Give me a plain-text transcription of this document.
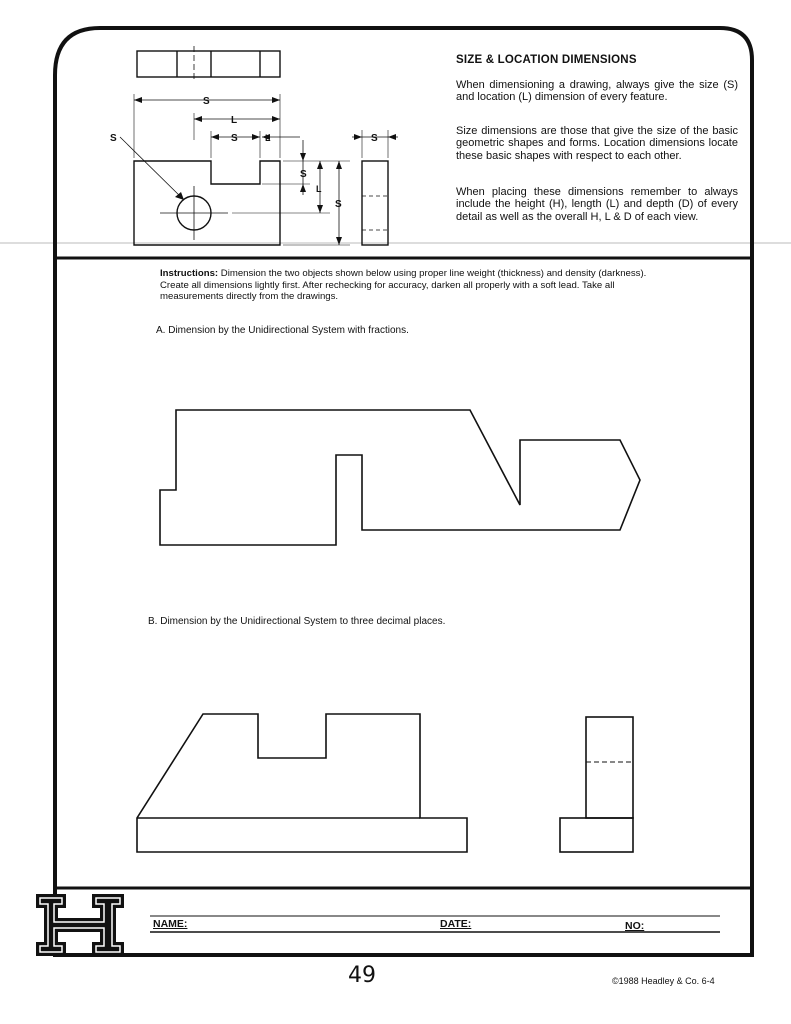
S
L
S	L
S	S
S
L
S

SIZE & LOCATION DIMENSIONS

When dimensioning a drawing, always give the size (S) and location (L) dimension of every feature.

Size dimensions are those that give the size of the basic geometric shapes and forms. Location dimensions locate these basic shapes with respect to each other.

When placing these dimensions remember to always include the height (H), length (L) and depth (D) of every detail as well as the overall H, L & D of each view.

Instructions: Dimension the two objects shown below using proper line weight (thickness) and density (darkness). Create all dimensions lightly first. After rechecking for accuracy, darken all properly with a soft lead. Take all measurements directly from the drawings.

A. Dimension by the Unidirectional System with fractions.

B. Dimension by the Unidirectional System to three decimal places.

NAME:	DATE:	NO:

49	©1988 Headley & Co. 6-4
